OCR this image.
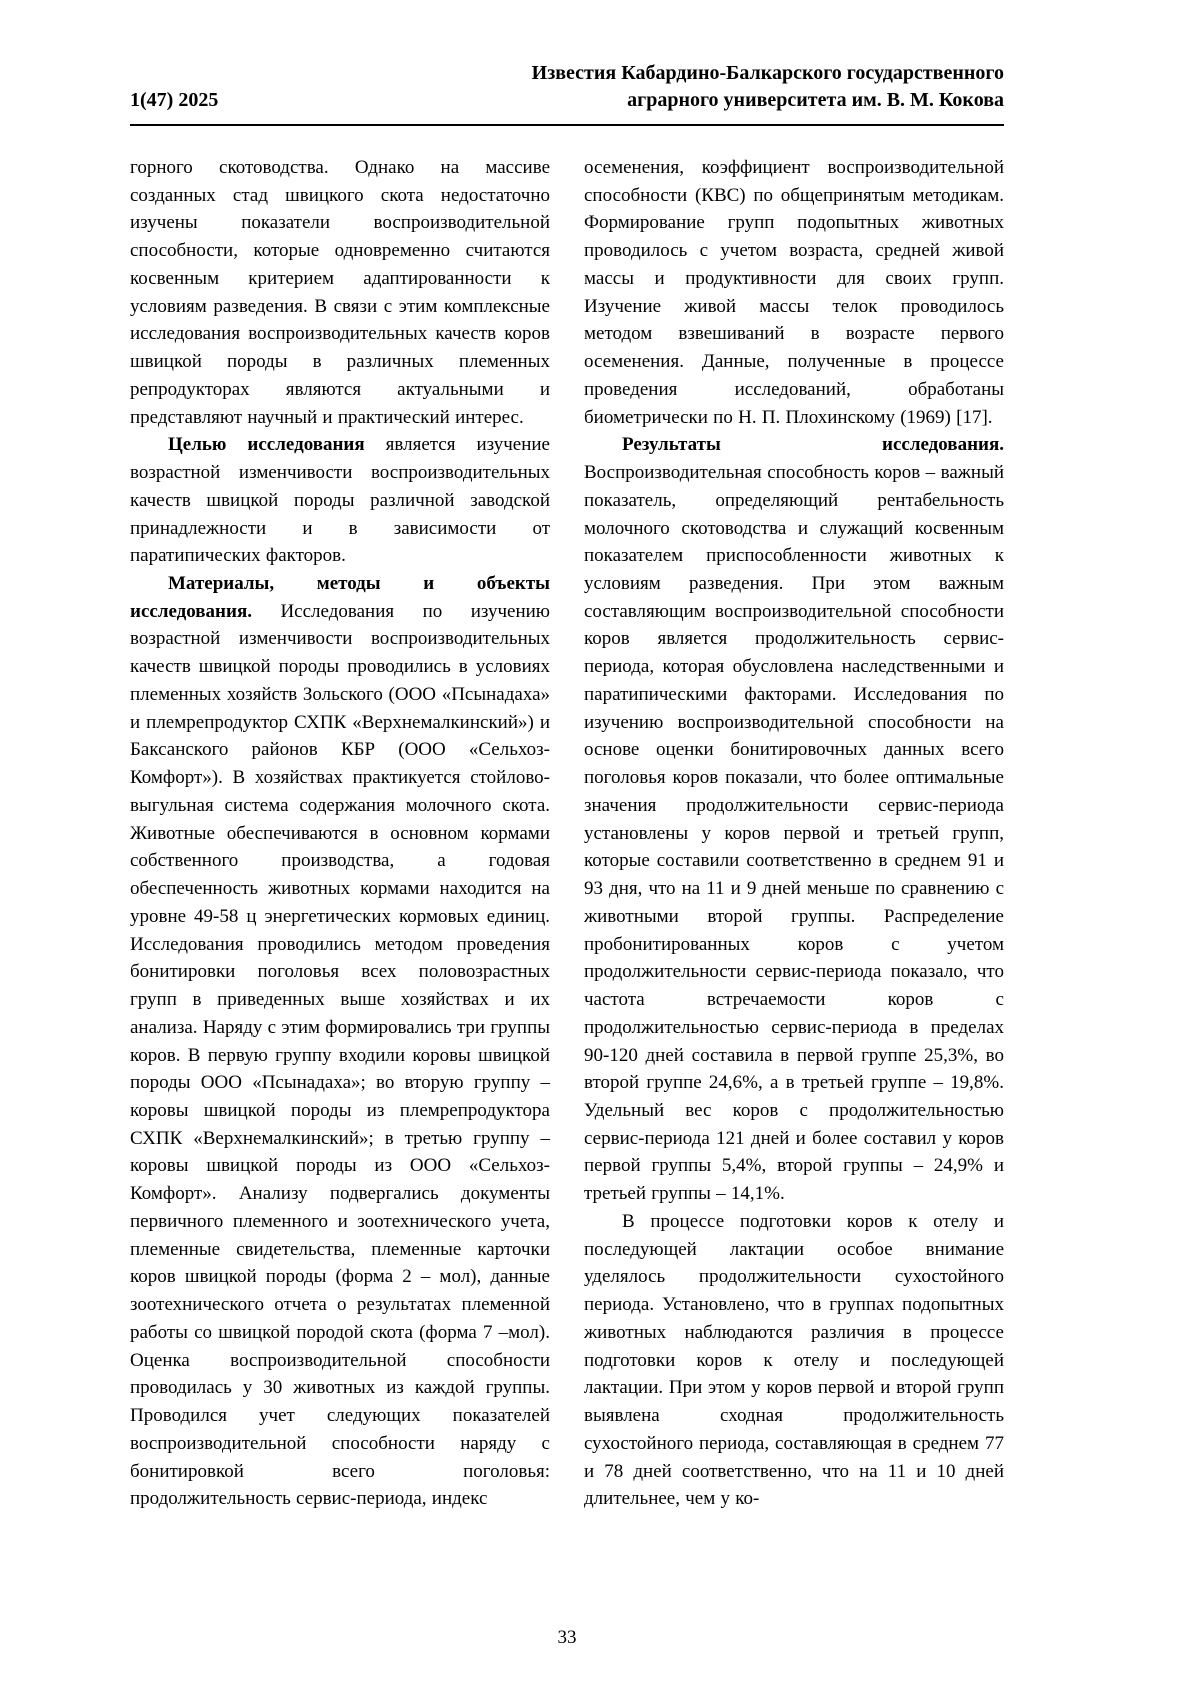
1(47) 2025
Известия Кабардино-Балкарского государственного
аграрного университета им. В. М. Кокова

горного скотоводства. Однако на массиве созданных стад швицкого скота недостаточно изучены показатели воспроизводительной способности, которые одновременно считаются косвенным критерием адаптированности к условиям разведения. В связи с этим комплексные исследования воспроизводительных качеств коров швицкой породы в различных племенных репродукторах являются актуальными и представляют научный и практический интерес.

Целью исследования является изучение возрастной изменчивости воспроизводительных качеств швицкой породы различной заводской принадлежности и в зависимости от паратипических факторов.

Материалы, методы и объекты исследования. Исследования по изучению возрастной изменчивости воспроизводительных качеств швицкой породы проводились в условиях племенных хозяйств Зольского (ООО «Псынадаха» и племрепродуктор СХПК «Верхнемалкинский») и Баксанского районов КБР (ООО «Сельхоз-Комфорт»). В хозяйствах практикуется стойлово-выгульная система содержания молочного скота. Животные обеспечиваются в основном кормами собственного производства, а годовая обеспеченность животных кормами находится на уровне 49-58 ц энергетических кормовых единиц. Исследования проводились методом проведения бонитировки поголовья всех половозрастных групп в приведенных выше хозяйствах и их анализа. Наряду с этим формировались три группы коров. В первую группу входили коровы швицкой породы ООО «Псынадаха»; во вторую группу – коровы швицкой породы из племрепродуктора СХПК «Верхнемалкинский»; в третью группу – коровы швицкой породы из ООО «Сельхоз-Комфорт». Анализу подвергались документы первичного племенного и зоотехнического учета, племенные свидетельства, племенные карточки коров швицкой породы (форма 2 – мол), данные зоотехнического отчета о результатах племенной работы со швицкой породой скота (форма 7 –мол). Оценка воспроизводительной способности проводилась у 30 животных из каждой группы. Проводился учет следующих показателей воспроизводительной способности наряду с бонитировкой всего поголовья: продолжительность сервис-периода, индекс

осеменения, коэффициент воспроизводительной способности (КВС) по общепринятым методикам. Формирование групп подопытных животных проводилось с учетом возраста, средней живой массы и продуктивности для своих групп. Изучение живой массы телок проводилось методом взвешиваний в возрасте первого осеменения. Данные, полученные в процессе проведения исследований, обработаны биометрически по Н. П. Плохинскому (1969) [17].

Результаты исследования. Воспроизводительная способность коров – важный показатель, определяющий рентабельность молочного скотоводства и служащий косвенным показателем приспособленности животных к условиям разведения. При этом важным составляющим воспроизводительной способности коров является продолжительность сервис-периода, которая обусловлена наследственными и паратипическими факторами. Исследования по изучению воспроизводительной способности на основе оценки бонитировочных данных всего поголовья коров показали, что более оптимальные значения продолжительности сервис-периода установлены у коров первой и третьей групп, которые составили соответственно в среднем 91 и 93 дня, что на 11 и 9 дней меньше по сравнению с животными второй группы. Распределение пробонитированных коров с учетом продолжительности сервис-периода показало, что частота встречаемости коров с продолжительностью сервис-периода в пределах 90-120 дней составила в первой группе 25,3%, во второй группе 24,6%, а в третьей группе – 19,8%. Удельный вес коров с продолжительностью сервис-периода 121 дней и более составил у коров первой группы 5,4%, второй группы – 24,9% и третьей группы – 14,1%.

В процессе подготовки коров к отелу и последующей лактации особое внимание уделялось продолжительности сухостойного периода. Установлено, что в группах подопытных животных наблюдаются различия в процессе подготовки коров к отелу и последующей лактации. При этом у коров первой и второй групп выявлена сходная продолжительность сухостойного периода, составляющая в среднем 77 и 78 дней соответственно, что на 11 и 10 дней длительнее, чем у ко-

33
